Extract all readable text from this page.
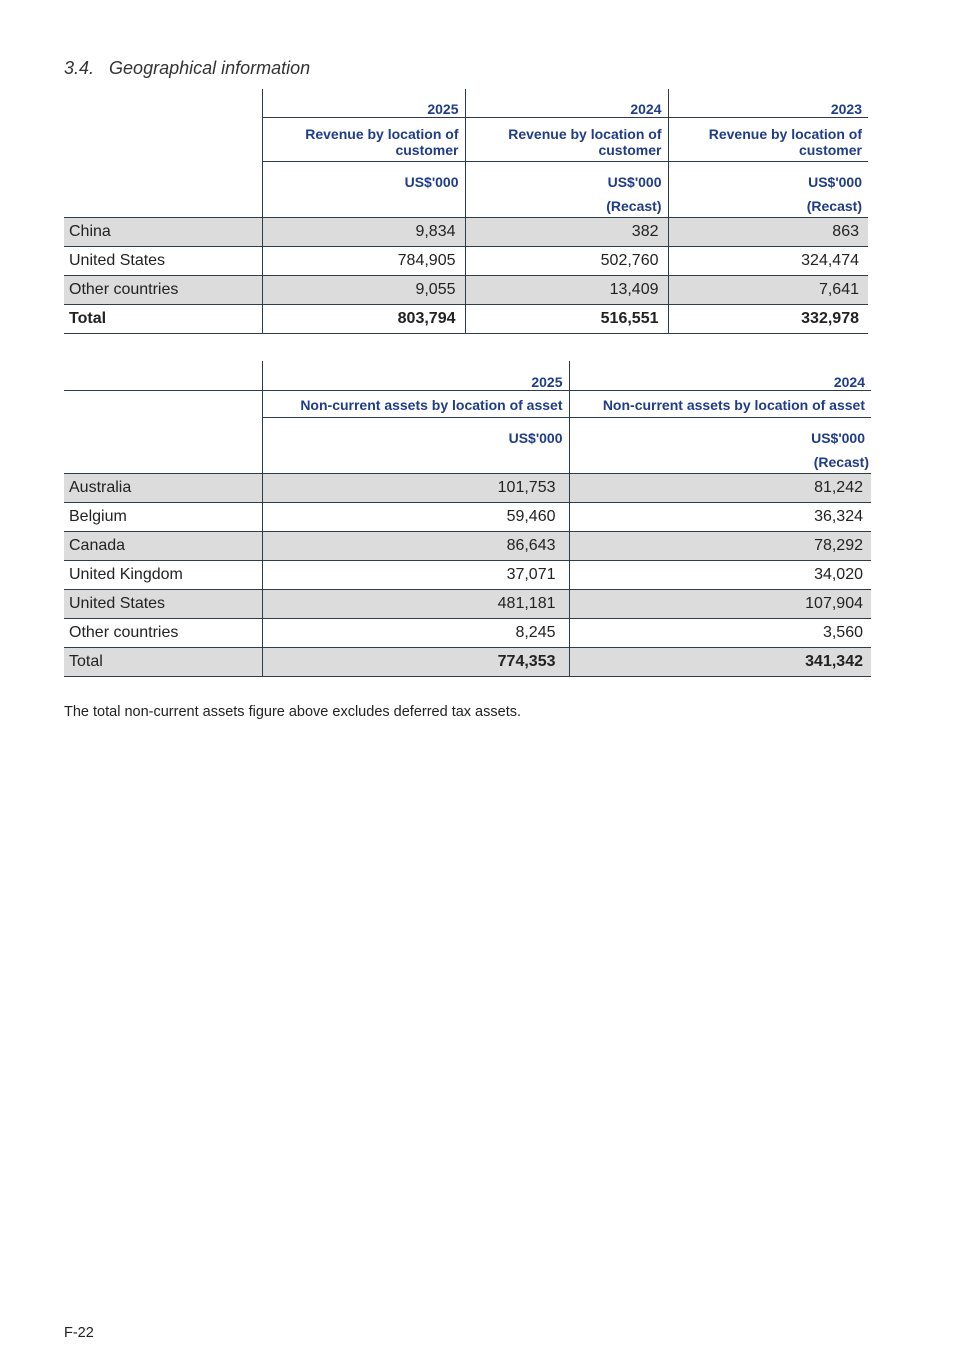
3.4. Geographical information
	2025	2024	2023
	Revenue by location of customer	Revenue by location of customer	Revenue by location of customer
	US$'000	US$'000	US$'000
		(Recast)	(Recast)
China	9,834	382	863
United States	784,905	502,760	324,474
Other countries	9,055	13,409	7,641
Total	803,794	516,551	332,978
	2025	2024
	Non-current assets by location of asset	Non-current assets by location of asset
	US$'000	US$'000
		(Recast)
Australia	101,753	81,242
Belgium	59,460	36,324
Canada	86,643	78,292
United Kingdom	37,071	34,020
United States	481,181	107,904
Other countries	8,245	3,560
Total	774,353	341,342
The total non-current assets figure above excludes deferred tax assets.
F-22
